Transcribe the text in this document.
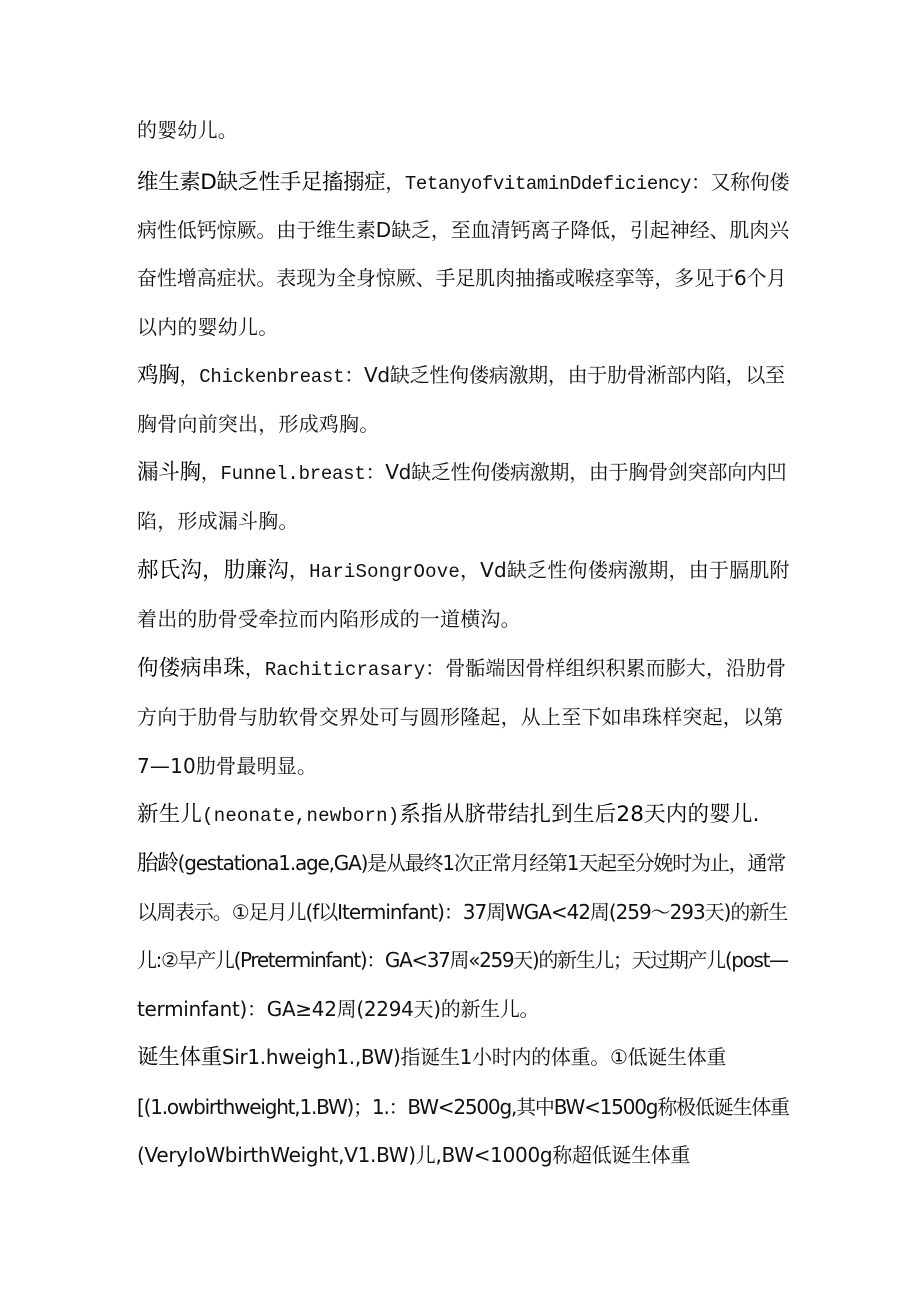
的婴幼儿。
维生素D缺乏性手足搐搦症，TetanyofvitaminDdeficiency：又称佝偻
病性低钙惊厥。由于维生素D缺乏，至血清钙离子降低，引起神经、肌肉兴
奋性增高症状。表现为全身惊厥、手足肌肉抽搐或喉痉挛等，多见于6个月
以内的婴幼儿。
鸡胸，Chickenbreast：Vd缺乏性佝偻病激期，由于肋骨淅部内陷，以至
胸骨向前突出，形成鸡胸。
漏斗胸，Funnel.breast：Vd缺乏性佝偻病激期，由于胸骨剑突部向内凹
陷，形成漏斗胸。
郝氏沟，肋廉沟，HariSongrOove，Vd缺乏性佝偻病激期，由于膈肌附
着出的肋骨受牵拉而内陷形成的一道横沟。
佝偻病串珠，Rachiticrasary：骨骺端因骨样组织积累而膨大，沿肋骨
方向于肋骨与肋软骨交界处可与圆形隆起，从上至下如串珠样突起，以第
7—10肋骨最明显。
新生儿(neonate,newborn)系指从脐带结扎到生后28天内的婴儿.
胎龄(gestationa1.age,GA)是从最终1次正常月经第1天起至分娩时为止，通常
以周表示。①足月儿(f以Iterminfant)：37周WGA<42周(259〜293天)的新生
儿:②早产儿(Preterminfant)：GA<37周«259天)的新生儿；天过期产儿(post—
terminfant)：GA≥42周(2294天)的新生儿。
诞生体重Sir1.hweigh1.,BW)指诞生1小时内的体重。①低诞生体重
[(1.owbirthweight,1.BW)；1.：BW<2500g,其中BW<1500g称极低诞生体重
(VeryIoWbirthWeight,V1.BW)儿,BW<1000g称超低诞生体重
